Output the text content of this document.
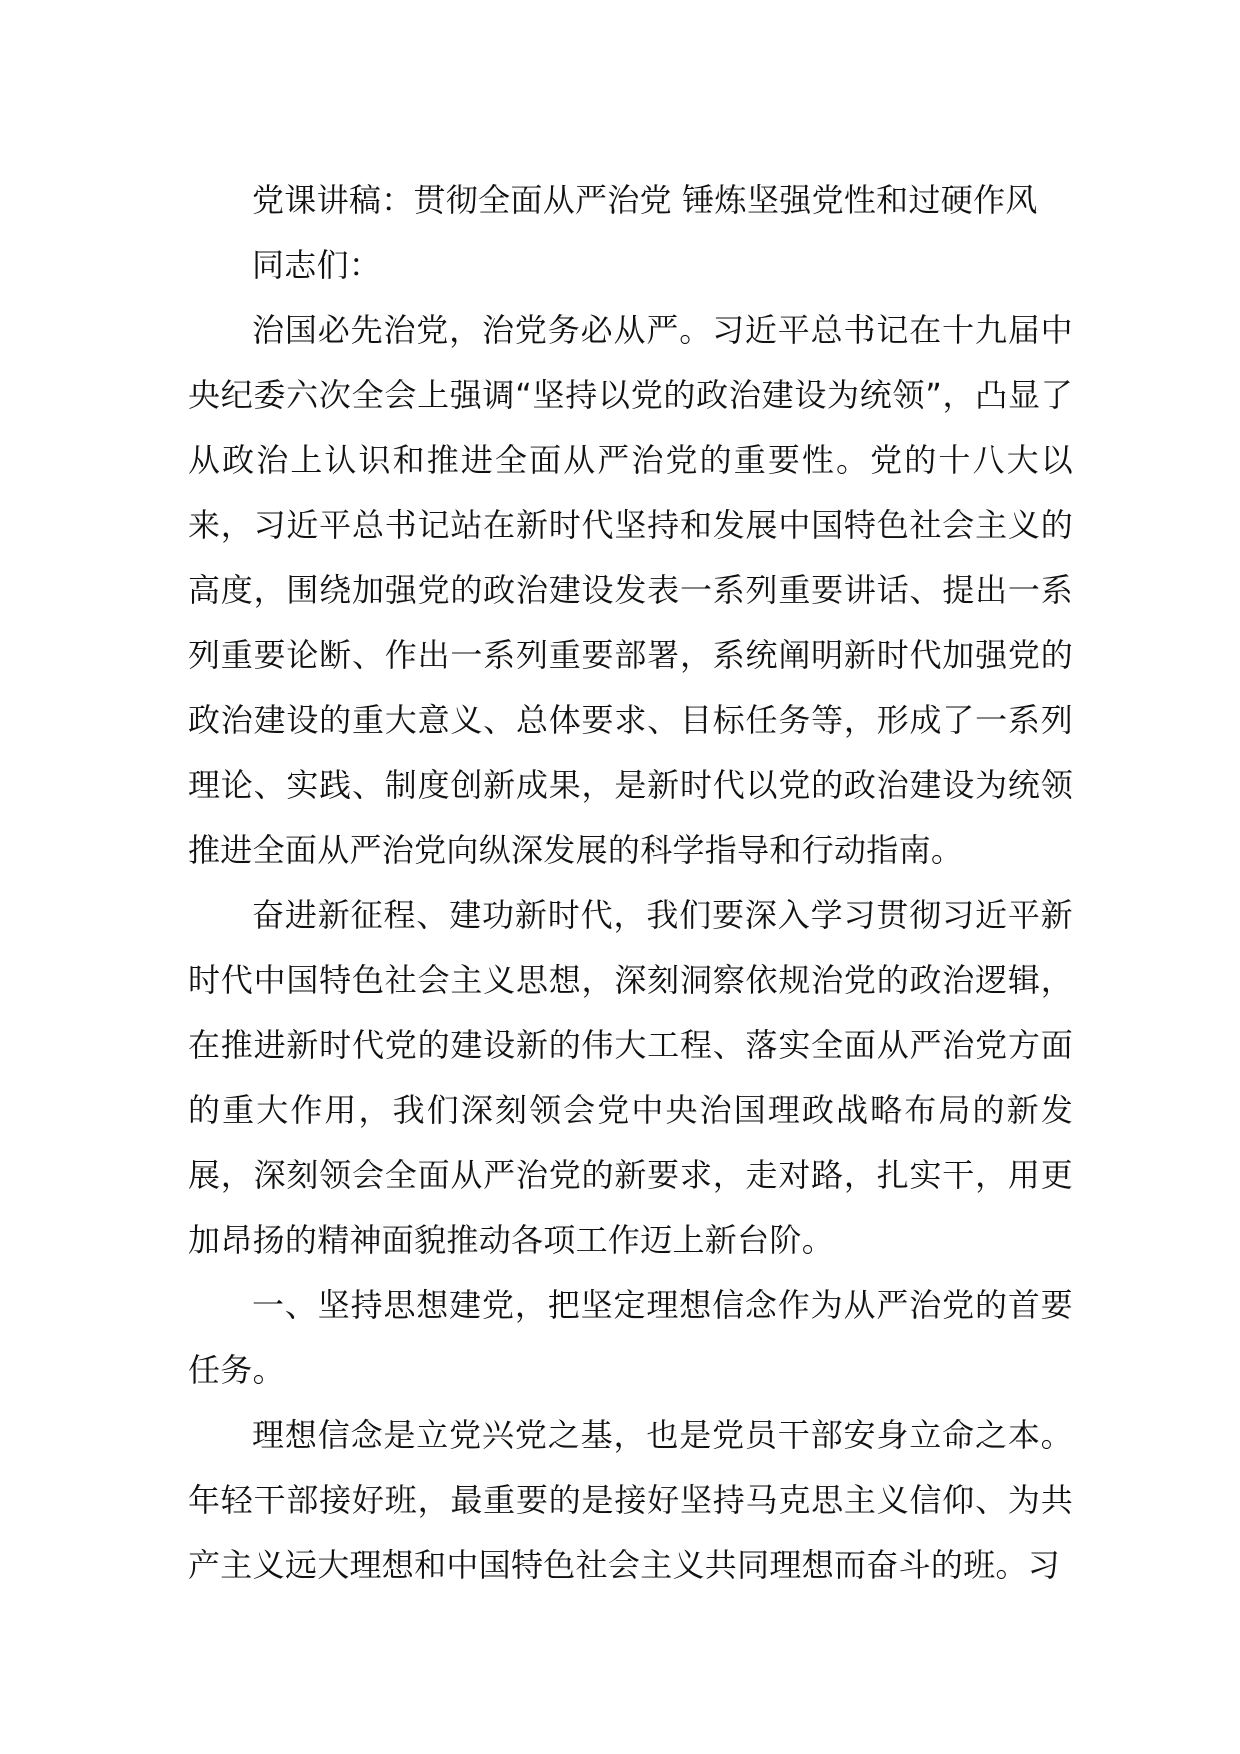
党课讲稿：贯彻全面从严治党 锤炼坚强党性和过硬作风

同志们：

治国必先治党，治党务必从严。习近平总书记在十九届中央纪委六次全会上强调“坚持以党的政治建设为统领”，凸显了从政治上认识和推进全面从严治党的重要性。党的十八大以来，习近平总书记站在新时代坚持和发展中国特色社会主义的高度，围绕加强党的政治建设发表一系列重要讲话、提出一系列重要论断、作出一系列重要部署，系统阐明新时代加强党的政治建设的重大意义、总体要求、目标任务等，形成了一系列理论、实践、制度创新成果，是新时代以党的政治建设为统领推进全面从严治党向纵深发展的科学指导和行动指南。

奋进新征程、建功新时代，我们要深入学习贯彻习近平新时代中国特色社会主义思想，深刻洞察依规治党的政治逻辑，在推进新时代党的建设新的伟大工程、落实全面从严治党方面的重大作用，我们深刻领会党中央治国理政战略布局的新发展，深刻领会全面从严治党的新要求，走对路，扎实干，用更加昂扬的精神面貌推动各项工作迈上新台阶。

一、坚持思想建党，把坚定理想信念作为从严治党的首要任务。

理想信念是立党兴党之基，也是党员干部安身立命之本。年轻干部接好班，最重要的是接好坚持马克思主义信仰、为共产主义远大理想和中国特色社会主义共同理想而奋斗的班。习
